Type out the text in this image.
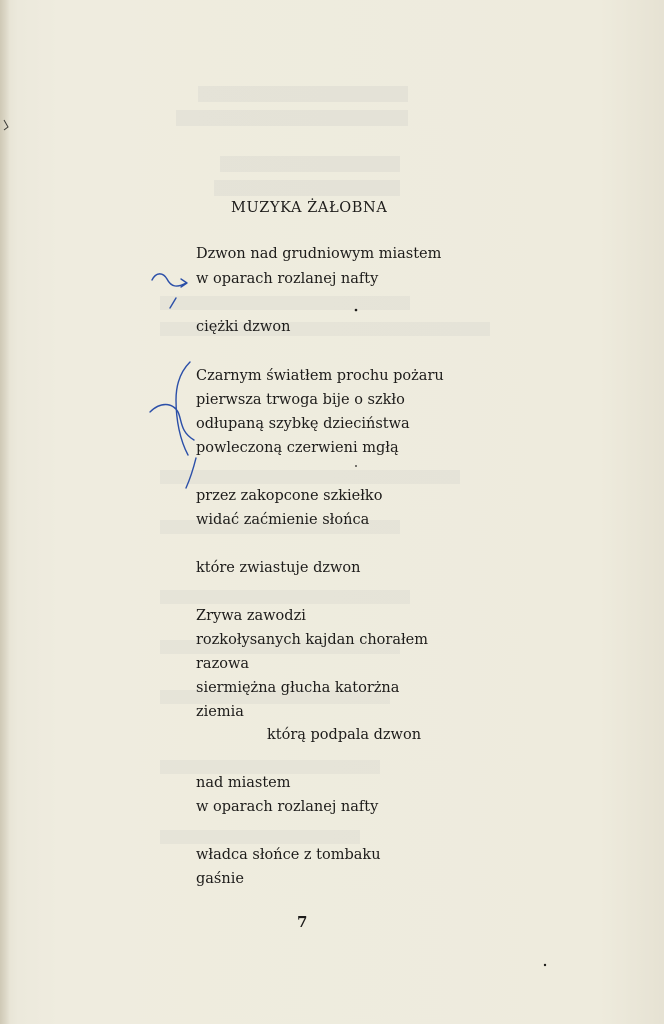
MUZYKA ŻAŁOBNA
Dzwon nad grudniowym miastem
w oparach rozlanej nafty
ciężki dzwon
Czarnym światłem prochu pożaru
pierwsza trwoga bije o szkło
odłupaną szybkę dzieciństwa
powleczoną czerwieni mgłą
przez zakopcone szkiełko
widać zaćmienie słońca
które zwiastuje dzwon
Zrywa zawodzi
rozkołysanych kajdan chorałem
razowa
siermiężna głucha katorżna
ziemia
którą podpala dzwon
nad miastem
w oparach rozlanej nafty
władca słońce z tombaku
gaśnie
7
